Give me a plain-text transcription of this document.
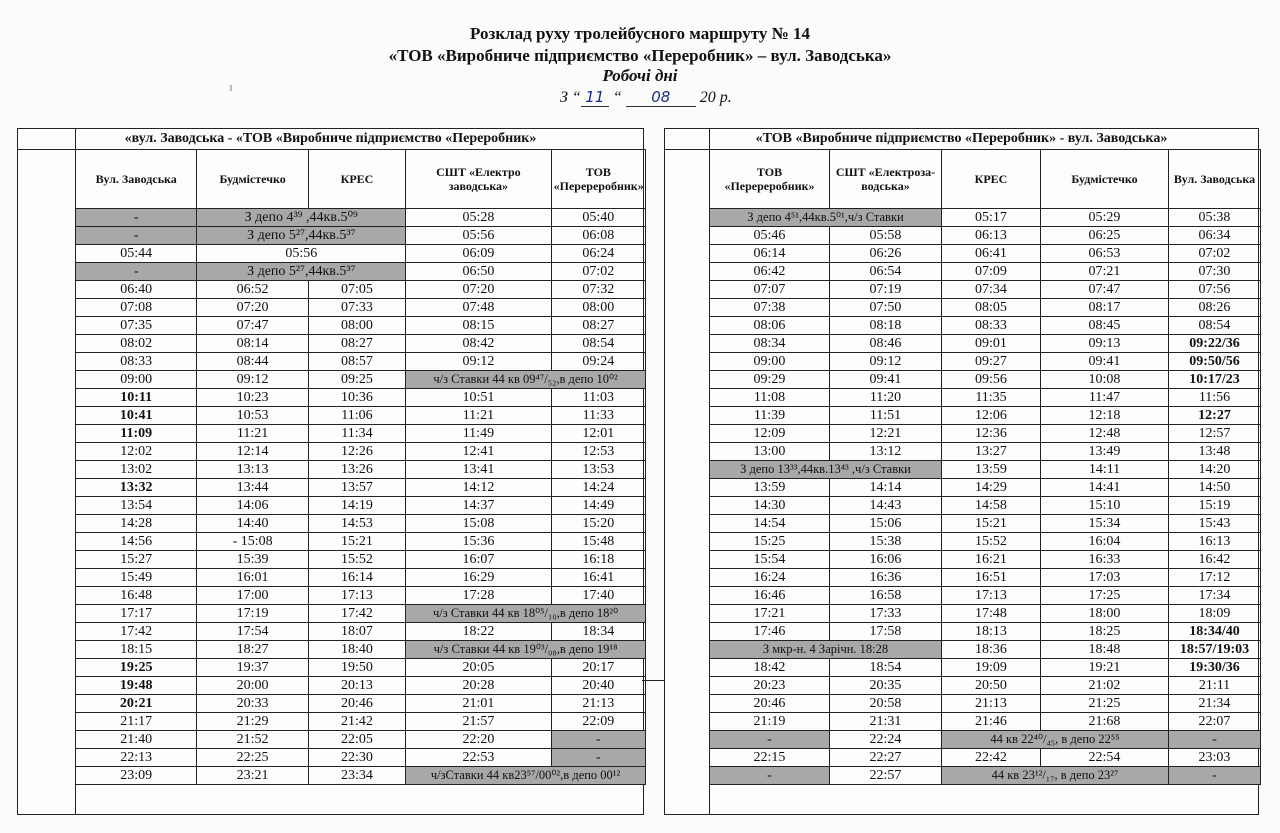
Розклад руху тролейбусного маршруту № 14
«ТОВ «Виробниче підприємство «Переробник» – вул. Заводська»
Робочі дні
З “ 11 “ 08 20 р.
«вул. Заводська - «ТОВ «Виробниче підприємство «Переробник»
Вул. Заводська	Будмістечко	КРЕС	СШТ «Електро заводська»	ТОВ «Перереробник»
-	З депо 4³⁹ ,44кв.5⁰⁹		05:28	05:40
-	З депо 5²⁷,44кв.5³⁷		05:56	06:08
05:44	05:56		06:09	06:24
-	З депо 5²⁷,44кв.5³⁷		06:50	07:02
06:40	06:52	07:05	07:20	07:32
07:08	07:20	07:33	07:48	08:00
07:35	07:47	08:00	08:15	08:27
08:02	08:14	08:27	08:42	08:54
08:33	08:44	08:57	09:12	09:24
09:00	09:12	09:25	ч/з Ставки 44 кв 09⁴⁷/₅₂,в депо 10⁰²	
10:11	10:23	10:36	10:51	11:03
10:41	10:53	11:06	11:21	11:33
11:09	11:21	11:34	11:49	12:01
12:02	12:14	12:26	12:41	12:53
13:02	13:13	13:26	13:41	13:53
13:32	13:44	13:57	14:12	14:24
13:54	14:06	14:19	14:37	14:49
14:28	14:40	14:53	15:08	15:20
14:56	- 15:08	15:21	15:36	15:48
15:27	15:39	15:52	16:07	16:18
15:49	16:01	16:14	16:29	16:41
16:48	17:00	17:13	17:28	17:40
17:17	17:19	17:42	ч/з Ставки 44 кв 18⁰⁵/₁₀,в депо 18²⁰	
17:42	17:54	18:07	18:22	18:34
18:15	18:27	18:40	ч/з Ставки 44 кв 19⁰³/₀₈,в депо 19¹⁸	
19:25	19:37	19:50	20:05	20:17
19:48	20:00	20:13	20:28	20:40
20:21	20:33	20:46	21:01	21:13
21:17	21:29	21:42	21:57	22:09
21:40	21:52	22:05	22:20	-
22:13	22:25	22:30	22:53	-
23:09	23:21	23:34	ч/зСтавки 44 кв23⁵⁷/00⁰²,в депо 00¹²	
«ТОВ «Виробниче підприємство «Переробник» - вул. Заводська»
ТОВ «Перереробник»	СШТ «Електроза-водська»	КРЕС	Будмістечко	Вул. Заводська
З депо 4⁵¹,44кв.5⁰¹,ч/з Ставки		05:17	05:29	05:38
05:46	05:58	06:13	06:25	06:34
06:14	06:26	06:41	06:53	07:02
06:42	06:54	07:09	07:21	07:30
07:07	07:19	07:34	07:47	07:56
07:38	07:50	08:05	08:17	08:26
08:06	08:18	08:33	08:45	08:54
08:34	08:46	09:01	09:13	09:22/36
09:00	09:12	09:27	09:41	09:50/56
09:29	09:41	09:56	10:08	10:17/23
11:08	11:20	11:35	11:47	11:56
11:39	11:51	12:06	12:18	12:27
12:09	12:21	12:36	12:48	12:57
13:00	13:12	13:27	13:49	13:48
З депо 13³³,44кв.13⁴³ ,ч/з Ставки		13:59	14:11	14:20
13:59	14:14	14:29	14:41	14:50
14:30	14:43	14:58	15:10	15:19
14:54	15:06	15:21	15:34	15:43
15:25	15:38	15:52	16:04	16:13
15:54	16:06	16:21	16:33	16:42
16:24	16:36	16:51	17:03	17:12
16:46	16:58	17:13	17:25	17:34
17:21	17:33	17:48	18:00	18:09
17:46	17:58	18:13	18:25	18:34/40
З мкр-н. 4 Зарічн. 18:28		18:36	18:48	18:57/19:03
18:42	18:54	19:09	19:21	19:30/36
20:23	20:35	20:50	21:02	21:11
20:46	20:58	21:13	21:25	21:34
21:19	21:31	21:46	21:68	22:07
-	22:24	44 кв 22⁴⁰/₄₅, в депо 22⁵⁵		-
22:15	22:27	22:42	22:54	23:03
-	22:57	44 кв 23¹²/₁₇, в депо 23²⁷		-
